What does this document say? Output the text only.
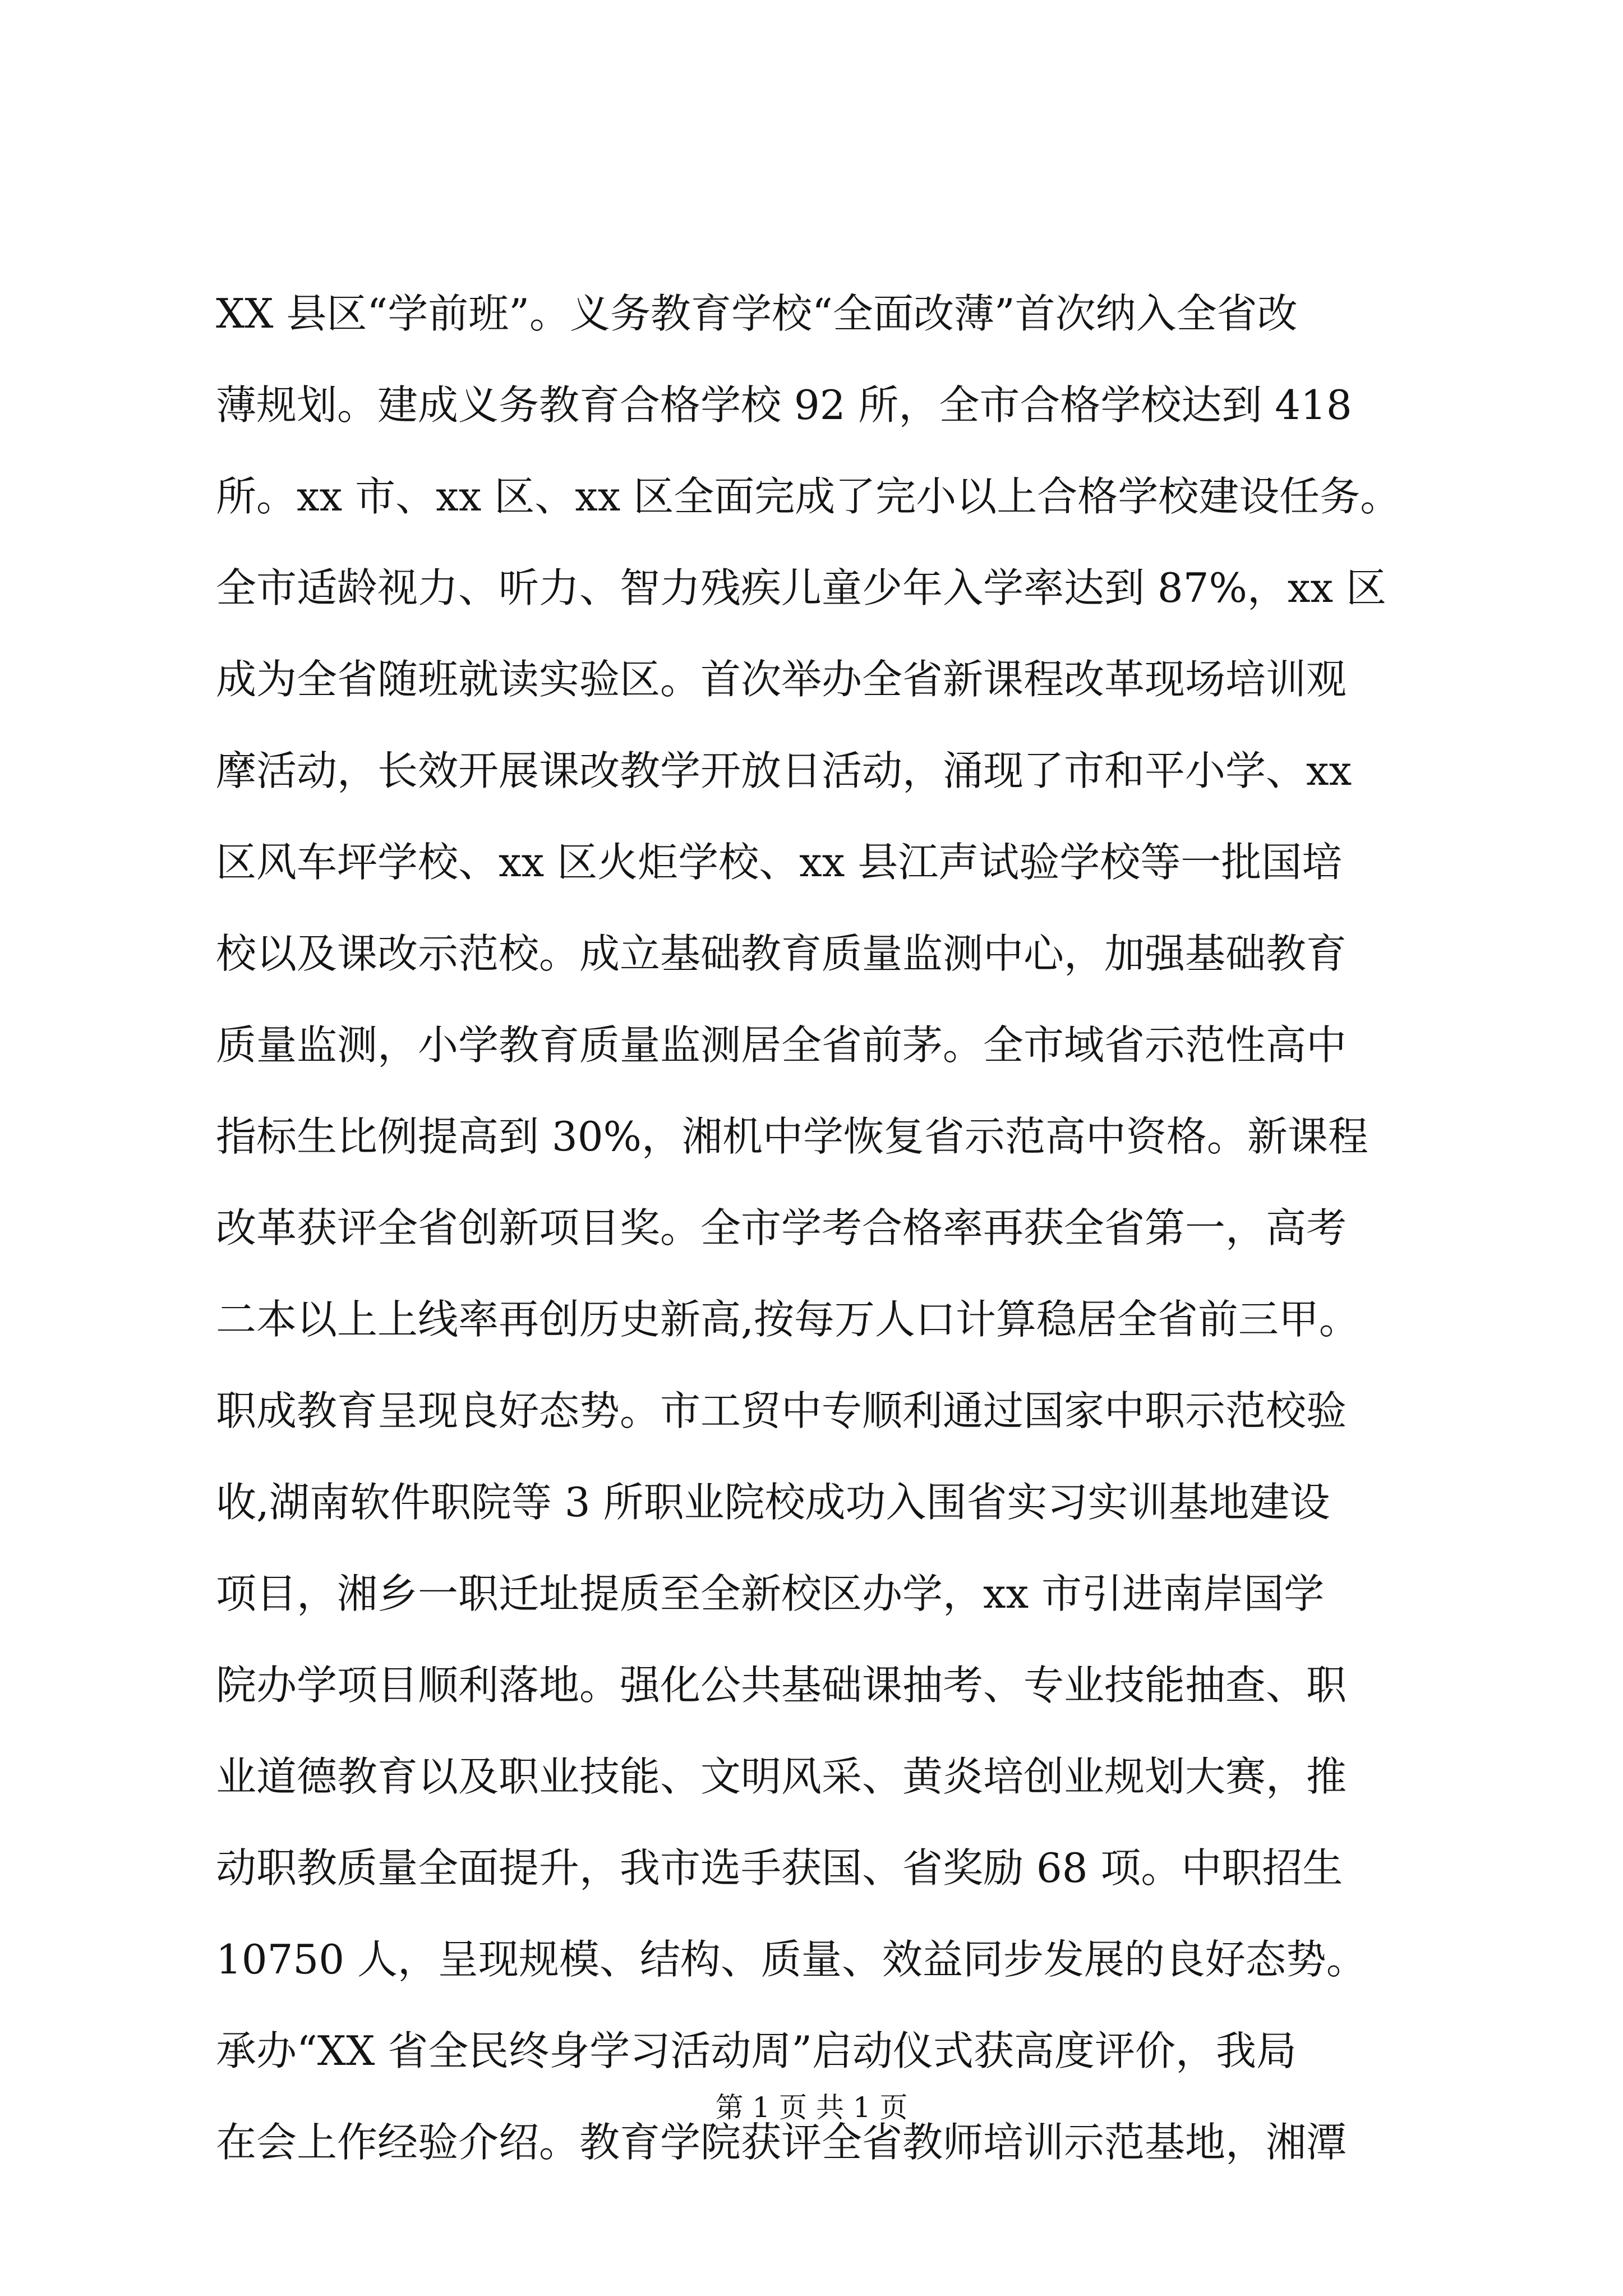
XX 县区“学前班”。义务教育学校“全面改薄”首次纳入全省改
薄规划。建成义务教育合格学校 92 所，全市合格学校达到 418
所。xx 市、xx 区、xx 区全面完成了完小以上合格学校建设任务。
全市适龄视力、听力、智力残疾儿童少年入学率达到 87%，xx 区
成为全省随班就读实验区。首次举办全省新课程改革现场培训观
摩活动，长效开展课改教学开放日活动，涌现了市和平小学、xx
区风车坪学校、xx 区火炬学校、xx 县江声试验学校等一批国培
校以及课改示范校。成立基础教育质量监测中心，加强基础教育
质量监测，小学教育质量监测居全省前茅。全市域省示范性高中
指标生比例提高到 30%，湘机中学恢复省示范高中资格。新课程
改革获评全省创新项目奖。全市学考合格率再获全省第一，高考
二本以上上线率再创历史新高,按每万人口计算稳居全省前三甲。
职成教育呈现良好态势。市工贸中专顺利通过国家中职示范校验
收,湖南软件职院等 3 所职业院校成功入围省实习实训基地建设
项目，湘乡一职迁址提质至全新校区办学，xx 市引进南岸国学
院办学项目顺利落地。强化公共基础课抽考、专业技能抽查、职
业道德教育以及职业技能、文明风采、黄炎培创业规划大赛，推
动职教质量全面提升，我市选手获国、省奖励 68 项。中职招生
10750 人，呈现规模、结构、质量、效益同步发展的良好态势。
承办“XX 省全民终身学习活动周”启动仪式获高度评价，我局
在会上作经验介绍。教育学院获评全省教师培训示范基地，湘潭
第 1 页 共 1 页
